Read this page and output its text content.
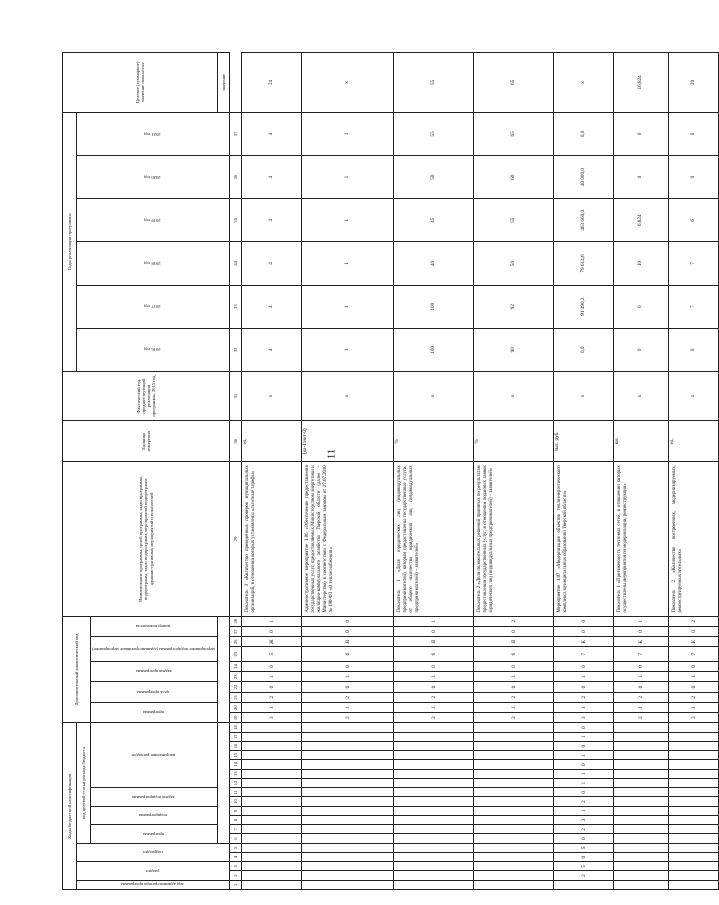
11
Коды бюджетной классификации																		Дополнительный аналитический код										Наименование программы, целей программы, задач программы, подпрограмм, задач подпрограмм, мероприятий подпрограмм, административных мероприятий и показателей	Единица измерения	Фактический год, предшествующий реализации программы, 2015 год	Годы реализации программы						Целевое (суммарное) значение показателя
код администратора программы	раздел		подраздел		код целевой статьи расхода бюджета																										2016 год	2017 год	2018 год	2019 год	2020 год	2021 год	
					программа		подпрограмма		задача подпрограммы		направление расходов							программа		цель программы		задача программы		мероприятие подпрограммы (административное мероприятие)		номер показателя											
																																					значение
1	2	3	4	5	6	7	8	9	10	11	12	13	14	15	16	17	18	19	20	21	22	23	24	25	26	27	28	29	30	31	32	33	34	35	36	37	
																		3	1	2	0	1	0	5	Ж	0	1	Показатель 3 «Количество проведенных проверок муниципальных организаций, в отношении которых установлены «льготные тарифы»	ед.	х	4	4	4	4	4	4	24
																		3	1	2	0	1	0	6	Я	0	0	Административное мероприятие 1.06 «Обеспечение предоставления государственных услуг, предоставляемых Министерством энергетики и жилищно-коммунального хозяйства Тверской области (далее – Министерство) в соответствии с Федеральным законом от 27.07.2010 № 190-ФЗ «О теплоснабжении»	(да-1/нет-0)	х	1	1	1	1	1	1	х
																		3	1	2	0	1	0	6	Я	0	1	Показатель 1 «Доля юридических лиц (индивидуальных предпринимателей), которым предоставлены государственные услуги, от общего количества юридических лиц (индивидуальных предпринимателей) – заявителей»	%	х	100	100	40	45	50	55	55
																		3	1	2	0	1	0	6	Я	0	2	Показатель 2 «Доля положительных решений принятых по результатам предоставления государственных услуг, в отношении поданных заявок юридических лиц (индивидуальных предпринимателей) – заявителей»	%	х	90	92	50	55	60	65	65
	2	5	0	5	0	2	3	1	2	0	1	1	0	1	0	1	0	3	1	2	0	1	0	7	К	0	0	Мероприятие 1.07 «Модернизация объектов теплоэнергетического комплекса муниципальных образований Тверской области»	тыс. руб.	х	0,0	91 490,3	79 614,6	463 660,0	40 000,0	0,0	х
																		3	1	2	0	1	0	7	К	0	1	Показатель 1 «Протяженность тепловых сетей, в отношении которых осуществлены мероприятия по модернизации, реконструкции»	км	х	0	0	10	6,824	0	0	16,824
																		3	1	2	0	1	0	7	К	0	2	Показатель 2 «Количество построенных, модернизируемых, реконструируемых котельных»	ед.	х	0	7	7	6	0	0	20
